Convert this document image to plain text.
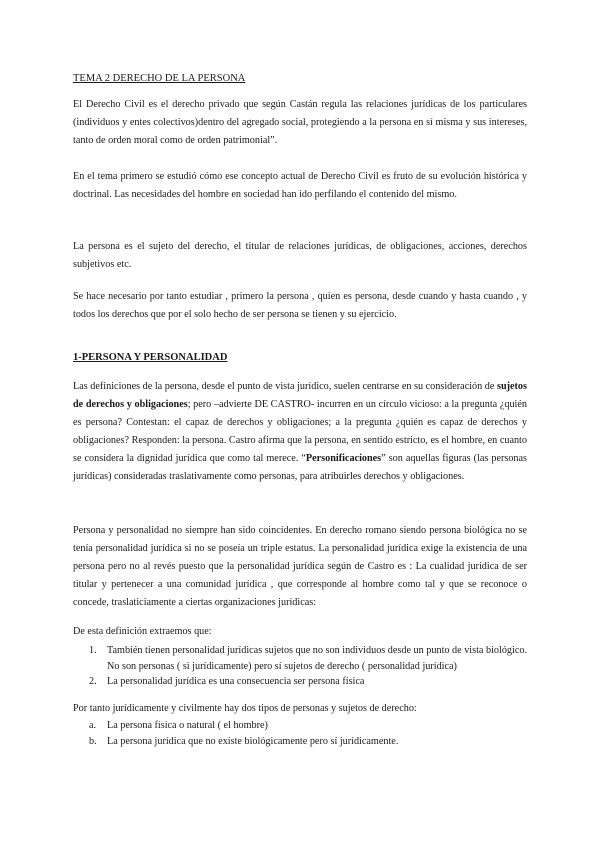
TEMA 2 DERECHO DE LA PERSONA

El Derecho Civil es el derecho privado que según Castán regula las relaciones jurídicas de los particulares (individuos y entes colectivos)dentro del agregado social, protegiendo a la persona en sí misma y sus intereses, tanto de orden moral como de orden patrimonial”.

En el tema primero se estudió cómo ese concepto actual de Derecho Civil es fruto de su evolución histórica y doctrinal. Las necesidades del hombre en sociedad han ido perfilando el contenido del mismo.

La persona es el sujeto del derecho, el titular de relaciones jurídicas, de obligaciones, acciones, derechos subjetivos etc.

Se hace necesario por tanto estudiar , primero la persona , quien es persona, desde cuando y hasta cuando , y todos los derechos que por el solo hecho de ser persona se tienen y su ejercicio.

1-PERSONA Y PERSONALIDAD

Las definiciones de la persona, desde el punto de vista jurídico, suelen centrarse en su consideración de sujetos de derechos y obligaciones; pero –advierte DE CASTRO- incurren en un círculo vicioso: a la pregunta ¿quién es persona? Contestan: el capaz de derechos y obligaciones; a la pregunta ¿quién es capaz de derechos y obligaciones? Responden: la persona. Castro afirma que la persona, en sentido estricto, es el hombre, en cuanto se considera la dignidad jurídica que como tal merece. “Personificaciones” son aquellas figuras (las personas jurídicas) consideradas traslativamente como personas, para atribuirles derechos y obligaciones.

Persona y personalidad no siempre han sido coincidentes. En derecho romano siendo persona biológica no se tenía personalidad jurídica si no se poseía un triple estatus. La personalidad jurídica exige la existencia de una persona pero no al revés puesto que la personalidad jurídica según de Castro es : La cualidad jurídica de ser titular y pertenecer a una comunidad jurídica , que corresponde al hombre como tal y que se reconoce o concede, traslaticiamente a ciertas organizaciones jurídicas:

De esta definición extraemos que:
1. También tienen personalidad jurídicas sujetos que no son individuos desde un punto de vista biológico. No son personas ( si jurídicamente) pero sí sujetos de derecho ( personalidad jurídica)
2. La personalidad jurídica es una consecuencia ser persona física
Por tanto jurídicamente y civilmente hay dos tipos de personas y sujetos de derecho:
a. La persona física o natural ( el hombre)
b. La persona jurídica que no existe biológicamente pero sí jurídicamente.
